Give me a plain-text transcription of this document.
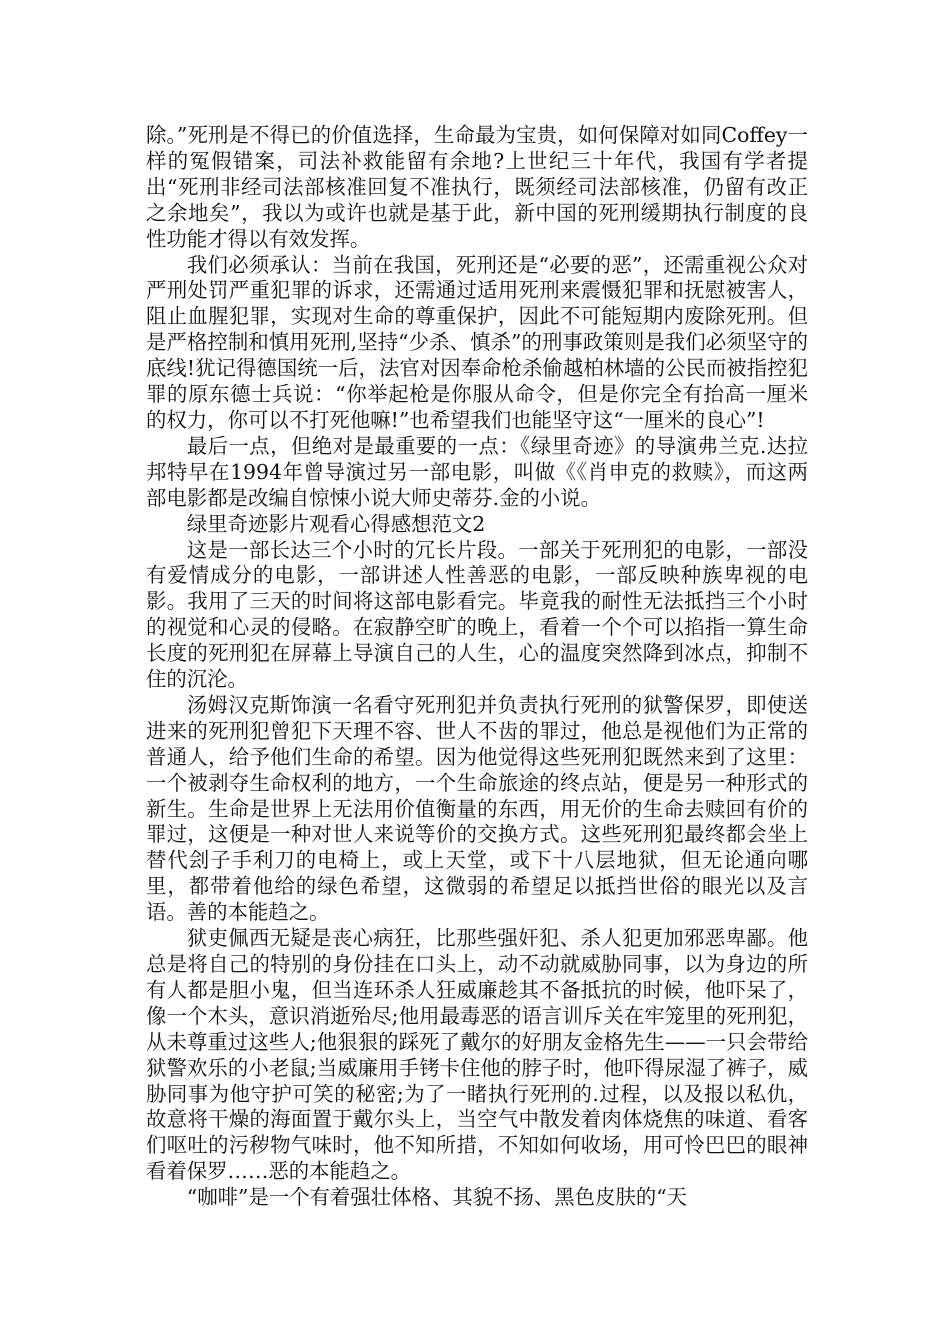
除。”死刑是不得已的价值选择，生命最为宝贵，如何保障对如同Coffey一样的冤假错案，司法补救能留有余地?上世纪三十年代，我国有学者提出“死刑非经司法部核准回复不准执行，既须经司法部核准，仍留有改正之余地矣”，我以为或许也就是基于此，新中国的死刑缓期执行制度的良性功能才得以有效发挥。

我们必须承认：当前在我国，死刑还是“必要的恶”，还需重视公众对严刑处罚严重犯罪的诉求，还需通过适用死刑来震慑犯罪和抚慰被害人，阻止血腥犯罪，实现对生命的尊重保护，因此不可能短期内废除死刑。但是严格控制和慎用死刑,坚持“少杀、慎杀”的刑事政策则是我们必须坚守的底线!犹记得德国统一后，法官对因奉命枪杀偷越柏林墙的公民而被指控犯罪的原东德士兵说：“你举起枪是你服从命令，但是你完全有抬高一厘米的权力，你可以不打死他嘛!”也希望我们也能坚守这“一厘米的良心”!

最后一点，但绝对是最重要的一点：《绿里奇迹》的导演弗兰克.达拉邦特早在1994年曾导演过另一部电影，叫做《《肖申克的救赎》，而这两部电影都是改编自惊悚小说大师史蒂芬.金的小说。

绿里奇迹影片观看心得感想范文2

这是一部长达三个小时的冗长片段。一部关于死刑犯的电影，一部没有爱情成分的电影，一部讲述人性善恶的电影，一部反映种族卑视的电影。我用了三天的时间将这部电影看完。毕竟我的耐性无法抵挡三个小时的视觉和心灵的侵略。在寂静空旷的晚上，看着一个个可以掐指一算生命长度的死刑犯在屏幕上导演自己的人生，心的温度突然降到冰点，抑制不住的沉沦。

汤姆汉克斯饰演一名看守死刑犯并负责执行死刑的狱警保罗，即使送进来的死刑犯曾犯下天理不容、世人不齿的罪过，他总是视他们为正常的普通人，给予他们生命的希望。因为他觉得这些死刑犯既然来到了这里：一个被剥夺生命权利的地方，一个生命旅途的终点站，便是另一种形式的新生。生命是世界上无法用价值衡量的东西，用无价的生命去赎回有价的罪过，这便是一种对世人来说等价的交换方式。这些死刑犯最终都会坐上替代刽子手利刀的电椅上，或上天堂，或下十八层地狱，但无论通向哪里，都带着他给的绿色希望，这微弱的希望足以抵挡世俗的眼光以及言语。善的本能趋之。

狱吏佩西无疑是丧心病狂，比那些强奸犯、杀人犯更加邪恶卑鄙。他总是将自己的特别的身份挂在口头上，动不动就威胁同事，以为身边的所有人都是胆小鬼，但当连环杀人狂威廉趁其不备抵抗的时候，他吓呆了，像一个木头，意识消逝殆尽;他用最毒恶的语言训斥关在牢笼里的死刑犯，从未尊重过这些人;他狠狠的踩死了戴尔的好朋友金格先生——一只会带给狱警欢乐的小老鼠;当威廉用手铐卡住他的脖子时，他吓得尿湿了裤子，威胁同事为他守护可笑的秘密;为了一睹执行死刑的.过程，以及报以私仇，故意将干燥的海面置于戴尔头上，当空气中散发着肉体烧焦的味道、看客们呕吐的污秽物气味时，他不知所措，不知如何收场，用可怜巴巴的眼神看着保罗……恶的本能趋之。

“咖啡”是一个有着强壮体格、其貌不扬、黑色皮肤的“天
